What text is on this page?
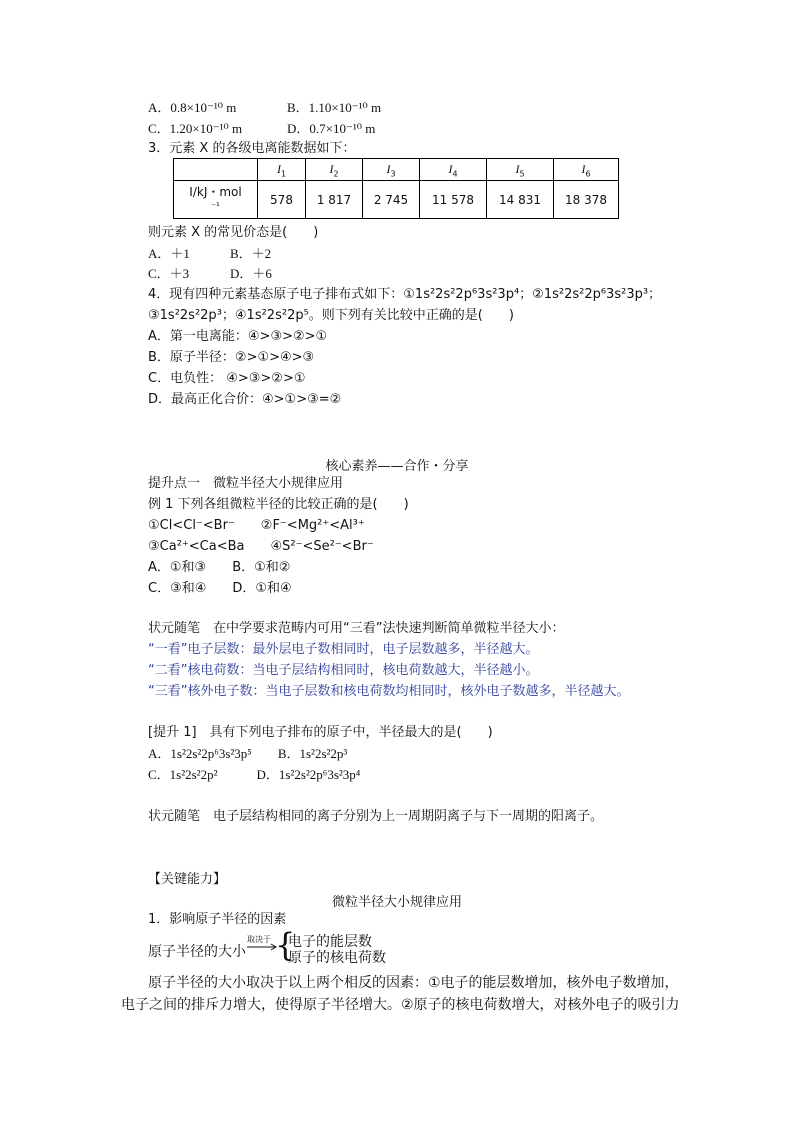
A．0.8×10⁻¹⁰ m	B．1.10×10⁻¹⁰ m
C．1.20×10⁻¹⁰ m	D．0.7×10⁻¹⁰ m
3．元素 X 的各级电离能数据如下：
	$I_1$	$I_2$	$I_3$	$I_4$	$I_5$	$I_6$

I/kJ・mol
⁻¹	578	1 817	2 745	11 578	14 831	18 378
则元素 X 的常见价态是(　　)
A．＋1	B．＋2
C．＋3	D．＋6
4．现有四种元素基态原子电子排布式如下：①1s²2s²2p⁶3s²3p⁴；②1s²2s²2p⁶3s²3p³；
③1s²2s²2p³；④1s²2s²2p⁵。则下列有关比较中正确的是(　　)
A．第一电离能：④>③>②>①
B．原子半径：②>①>④>③
C．电负性： ④>③>②>①
D．最高正化合价：④>①>③=②
核心素养——合作・分享
提升点一　微粒半径大小规律应用
例 1 下列各组微粒半径的比较正确的是(　　)
①Cl<Cl⁻<Br⁻　　②F⁻<Mg²⁺<Al³⁺
③Ca²⁺<Ca<Ba　　④S²⁻<Se²⁻<Br⁻
A．①和③　　B．①和②
C．③和④　　D．①和④
状元随笔　在中学要求范畴内可用“三看”法快速判断简单微粒半径大小：
“一看”电子层数：最外层电子数相同时，电子层数越多，半径越大。
“二看”核电荷数：当电子层结构相同时，核电荷数越大，半径越小。
“三看”核外电子数：当电子层数和核电荷数均相同时，核外电子数越多，半径越大。
[提升 1]　具有下列电子排布的原子中，半径最大的是(　　)
A．1s²2s²2p⁶3s²3p⁵　　B．1s²2s²2p³
C．1s²2s²2p²　　　D．1s²2s²2p⁶3s²3p⁴
状元随笔　电子层结构相同的离子分别为上一周期阴离子与下一周期的阳离子。
【关键能力】
微粒半径大小规律应用
1．影响原子半径的因素
原子半径的大小
取决于 {
电子的能层数
原子的核电荷数
原子半径的大小取决于以上两个相反的因素：①电子的能层数增加，核外电子数增加，
电子之间的排斥力增大，使得原子半径增大。②原子的核电荷数增大，对核外电子的吸引力
